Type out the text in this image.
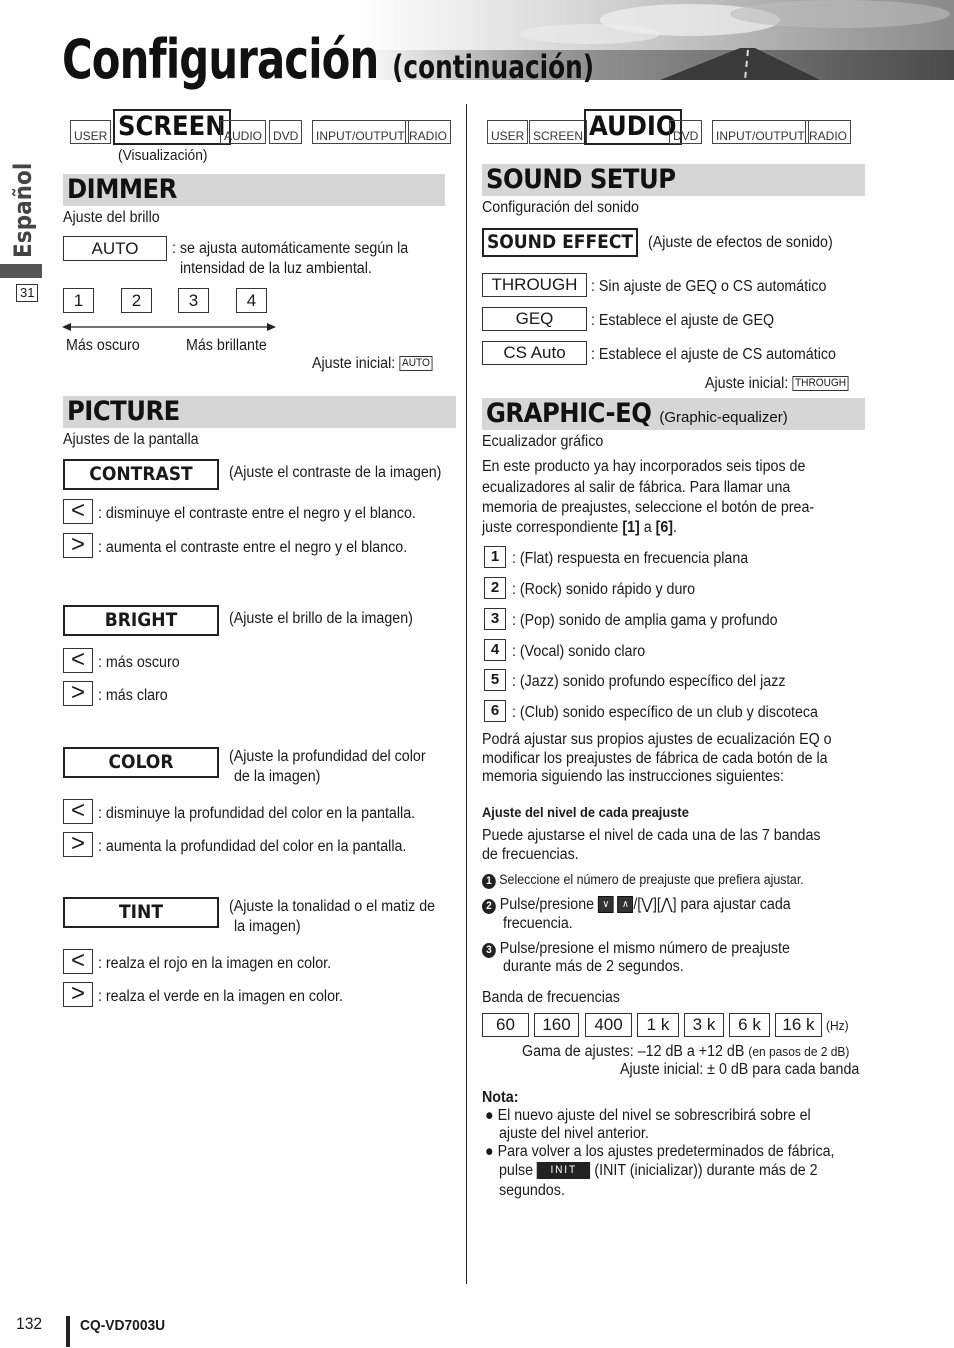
Configuración (continuación)
Español
31
USER SCREEN
AUDIO DVD	INPUT/OUTPUT RADIO
(Visualización)
DIMMER
Ajuste del brillo
AUTO	: se ajusta automáticamente según la
intensidad de la luz ambiental.
1	2	3	4
Más oscuro	Más brillante
Ajuste inicial: AUTO
PICTURE
Ajustes de la pantalla
CONTRAST	(Ajuste el contraste de la imagen)
< : disminuye el contraste entre el negro y el blanco.
> : aumenta el contraste entre el negro y el blanco.
BRIGHT	(Ajuste el brillo de la imagen)
< : más oscuro
> : más claro
COLOR	(Ajuste la profundidad del color
de la imagen)
< : disminuye la profundidad del color en la pantalla.
> : aumenta la profundidad del color en la pantalla.
TINT	(Ajuste la tonalidad o el matiz de
la imagen)
< : realza el rojo en la imagen en color.
> : realza el verde en la imagen en color.
USER SCREEN AUDIO
DVD	INPUT/OUTPUT RADIO
SOUND SETUP
Configuración del sonido
SOUND EFFECT (Ajuste de efectos de sonido)
THROUGH : Sin ajuste de GEQ o CS automático
GEQ	: Establece el ajuste de GEQ
CS Auto	: Establece el ajuste de CS automático
Ajuste inicial: THROUGH
GRAPHIC-EQ (Graphic-equalizer)
Ecualizador gráfico
En este producto ya hay incorporados seis tipos de
ecualizadores al salir de fábrica. Para llamar una
memoria de preajustes, seleccione el botón de prea-
juste correspondiente [1] a [6].
1 : (Flat) respuesta en frecuencia plana
2 : (Rock) sonido rápido y duro
3 : (Pop) sonido de amplia gama y profundo
4 : (Vocal) sonido claro
5 : (Jazz) sonido profundo específico del jazz
6 : (Club) sonido específico de un club y discoteca
Podrá ajustar sus propios ajustes de ecualización EQ o
modificar los preajustes de fábrica de cada botón de la
memoria siguiendo las instrucciones siguientes:
Ajuste del nivel de cada preajuste
Puede ajustarse el nivel de cada una de las 7 bandas
de frecuencias.
1 Seleccione el número de preajuste que prefiera ajustar.
2 Pulse/presione ∨ ∧ /[⋁][⋀] para ajustar cada
frecuencia.
3 Pulse/presione el mismo número de preajuste
durante más de 2 segundos.
Banda de frecuencias
60	160	400	1 k	3 k	6 k	16 k (Hz)
Gama de ajustes: –12 dB a +12 dB (en pasos de 2 dB)
Ajuste inicial: ± 0 dB para cada banda
Nota:
● El nuevo ajuste del nivel se sobrescribirá sobre el
ajuste del nivel anterior.
● Para volver a los ajustes predeterminados de fábrica,
pulse INIT (INIT (inicializar)) durante más de 2
segundos.
132	CQ-VD7003U
